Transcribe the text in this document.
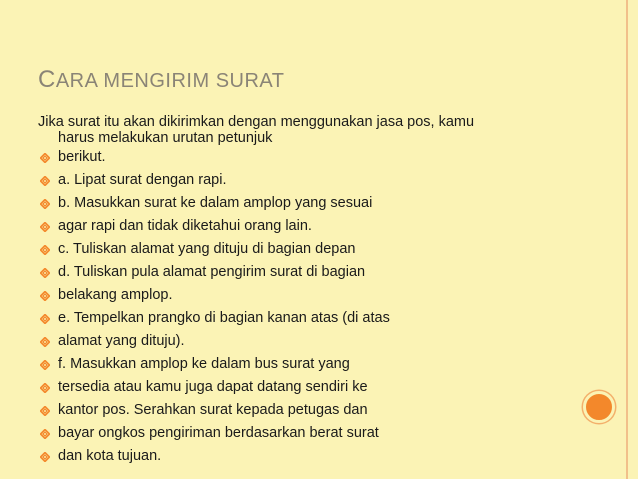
CARA MENGIRIM SURAT
Jika surat itu akan dikirimkan dengan menggunakan jasa pos, kamu
harus melakukan urutan petunjuk
berikut.
a. Lipat surat dengan rapi.
b. Masukkan surat ke dalam amplop yang sesuai
agar rapi dan tidak diketahui orang lain.
c. Tuliskan alamat yang dituju di bagian depan
d. Tuliskan pula alamat pengirim surat di bagian
belakang amplop.
e. Tempelkan prangko di bagian kanan atas (di atas
alamat yang dituju).
f. Masukkan amplop ke dalam bus surat yang
tersedia atau kamu juga dapat datang sendiri ke
kantor pos. Serahkan surat kepada petugas dan
bayar ongkos pengiriman berdasarkan berat surat
dan kota tujuan.
